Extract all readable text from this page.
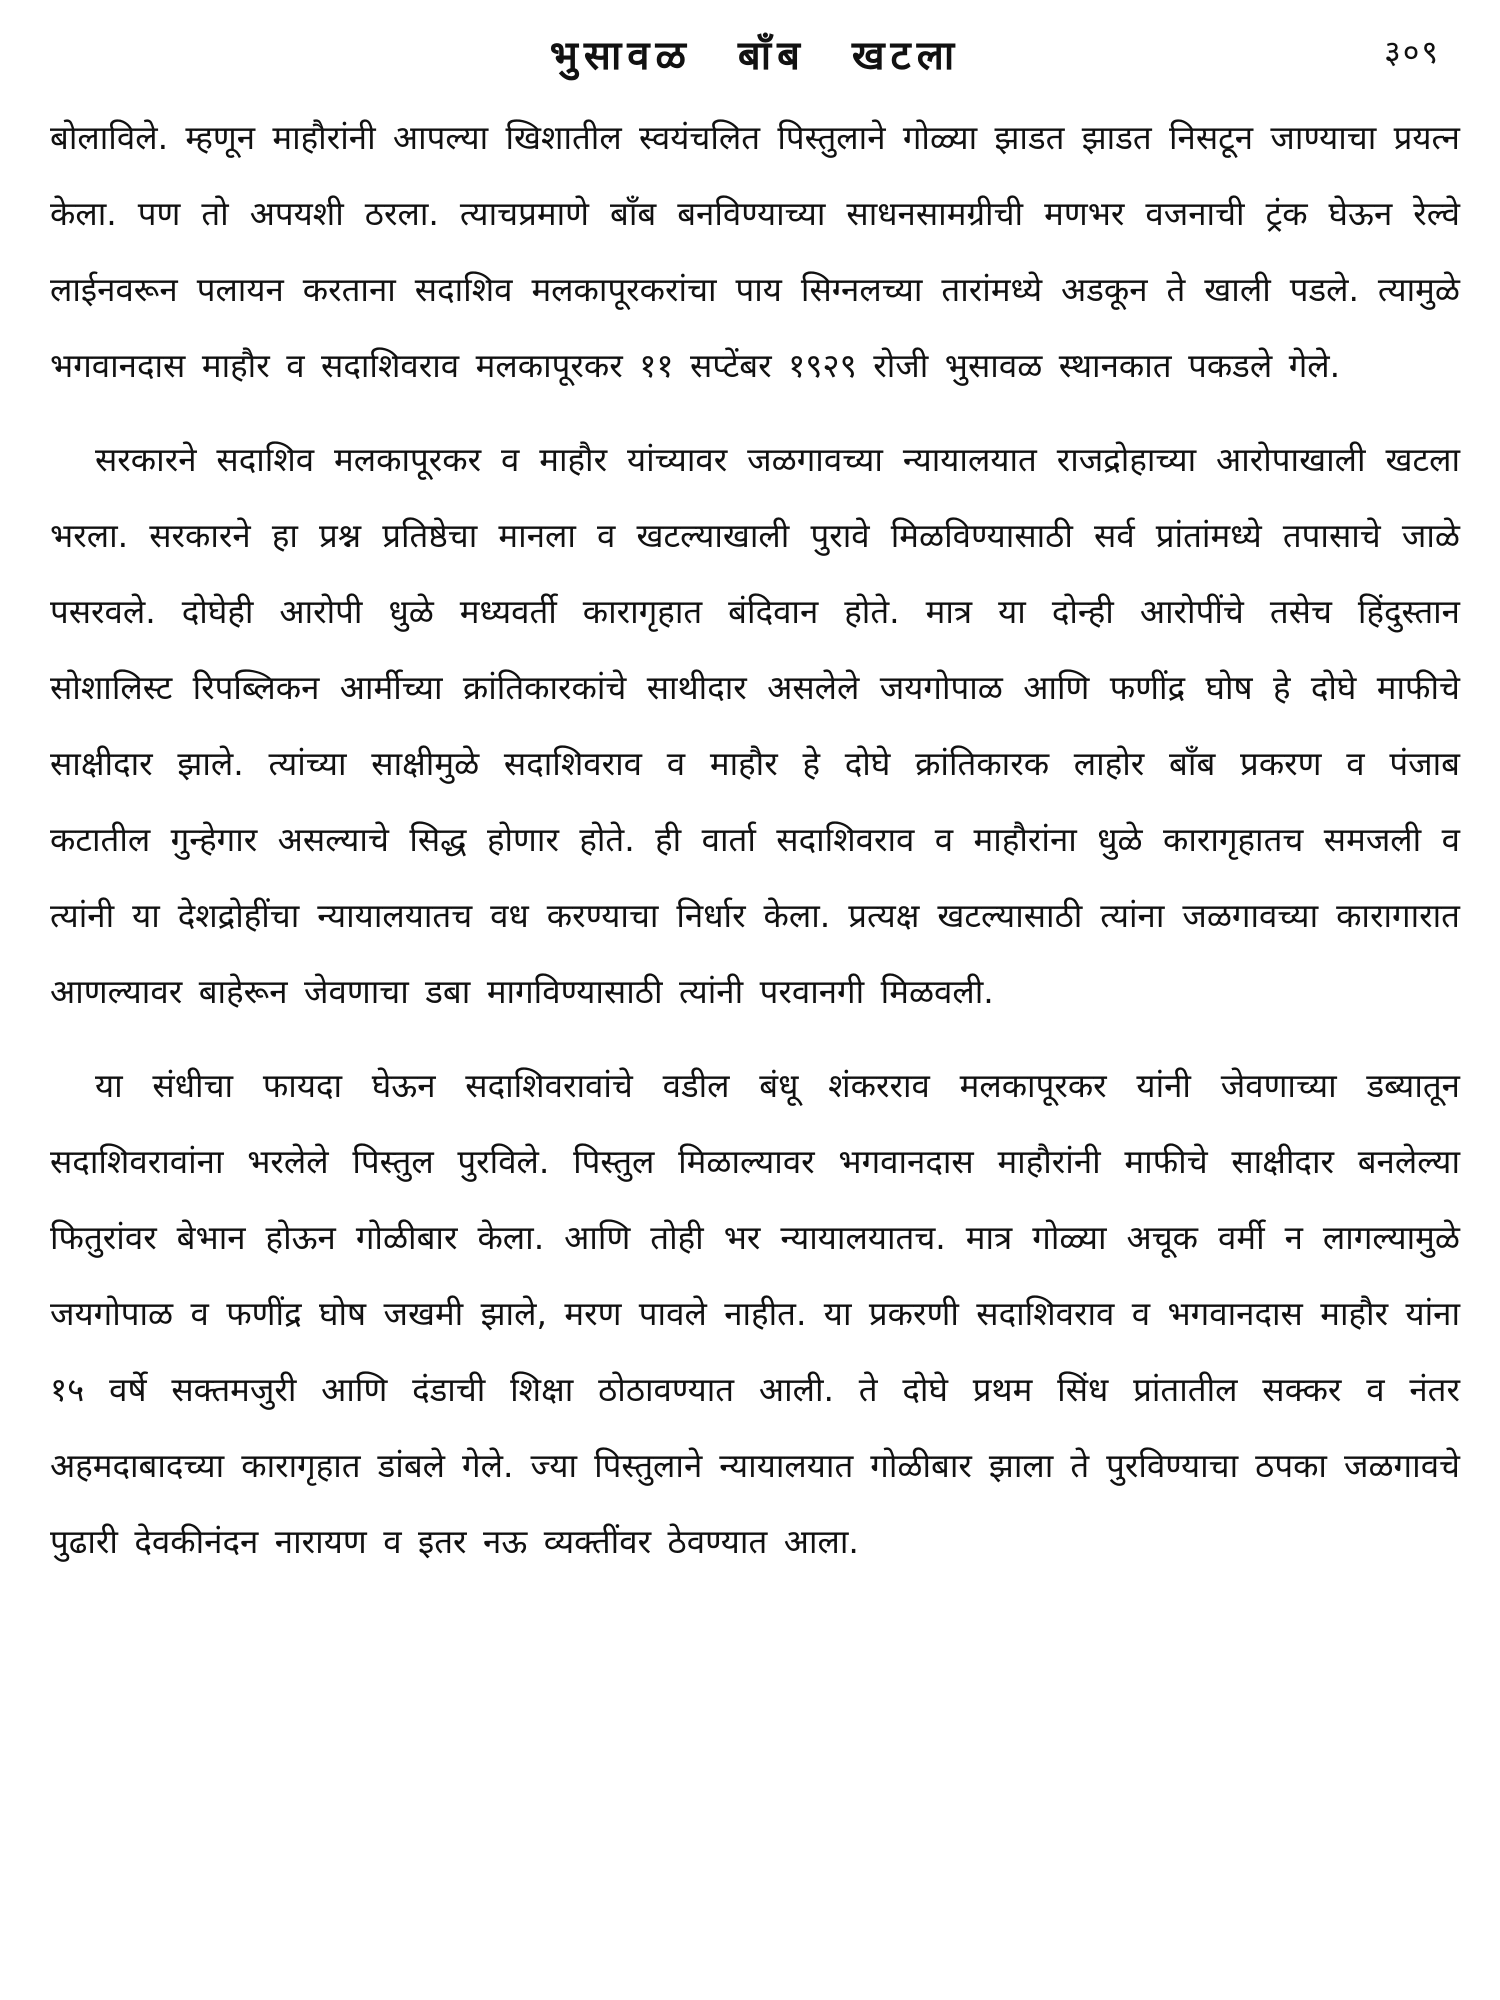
भुसावळ बाँब खटला	३०९

बोलाविले. म्हणून माहौरांनी आपल्या खिशातील स्वयंचलित पिस्तुलाने गोळ्या झाडत झाडत निसटून जाण्याचा प्रयत्न केला. पण तो अपयशी ठरला. त्याचप्रमाणे बाँब बनविण्याच्या साधनसामग्रीची मणभर वजनाची ट्रंक घेऊन रेल्वे लाईनवरून पलायन करताना सदाशिव मलकापूरकरांचा पाय सिग्नलच्या तारांमध्ये अडकून ते खाली पडले. त्यामुळे भगवानदास माहौर व सदाशिवराव मलकापूरकर ११ सप्टेंबर १९२९ रोजी भुसावळ स्थानकात पकडले गेले.

सरकारने सदाशिव मलकापूरकर व माहौर यांच्यावर जळगावच्या न्यायालयात राजद्रोहाच्या आरोपाखाली खटला भरला. सरकारने हा प्रश्न प्रतिष्ठेचा मानला व खटल्याखाली पुरावे मिळविण्यासाठी सर्व प्रांतांमध्ये तपासाचे जाळे पसरवले. दोघेही आरोपी धुळे मध्यवर्ती कारागृहात बंदिवान होते. मात्र या दोन्ही आरोपींचे तसेच हिंदुस्तान सोशालिस्ट रिपब्लिकन आर्मीच्या क्रांतिकारकांचे साथीदार असलेले जयगोपाळ आणि फणींद्र घोष हे दोघे माफीचे साक्षीदार झाले. त्यांच्या साक्षीमुळे सदाशिवराव व माहौर हे दोघे क्रांतिकारक लाहोर बाँब प्रकरण व पंजाब कटातील गुन्हेगार असल्याचे सिद्ध होणार होते. ही वार्ता सदाशिवराव व माहौरांना धुळे कारागृहातच समजली व त्यांनी या देशद्रोहींचा न्यायालयातच वध करण्याचा निर्धार केला. प्रत्यक्ष खटल्यासाठी त्यांना जळगावच्या कारागारात आणल्यावर बाहेरून जेवणाचा डबा मागविण्यासाठी त्यांनी परवानगी मिळवली.

या संधीचा फायदा घेऊन सदाशिवरावांचे वडील बंधू शंकरराव मलकापूरकर यांनी जेवणाच्या डब्यातून सदाशिवरावांना भरलेले पिस्तुल पुरविले. पिस्तुल मिळाल्यावर भगवानदास माहौरांनी माफीचे साक्षीदार बनलेल्या फितुरांवर बेभान होऊन गोळीबार केला. आणि तोही भर न्यायालयातच. मात्र गोळ्या अचूक वर्मी न लागल्यामुळे जयगोपाळ व फणींद्र घोष जखमी झाले, मरण पावले नाहीत. या प्रकरणी सदाशिवराव व भगवानदास माहौर यांना १५ वर्षे सक्तमजुरी आणि दंडाची शिक्षा ठोठावण्यात आली. ते दोघे प्रथम सिंध प्रांतातील सक्कर व नंतर अहमदाबादच्या कारागृहात डांबले गेले. ज्या पिस्तुलाने न्यायालयात गोळीबार झाला ते पुरविण्याचा ठपका जळगावचे पुढारी देवकीनंदन नारायण व इतर नऊ व्यक्तींवर ठेवण्यात आला.
